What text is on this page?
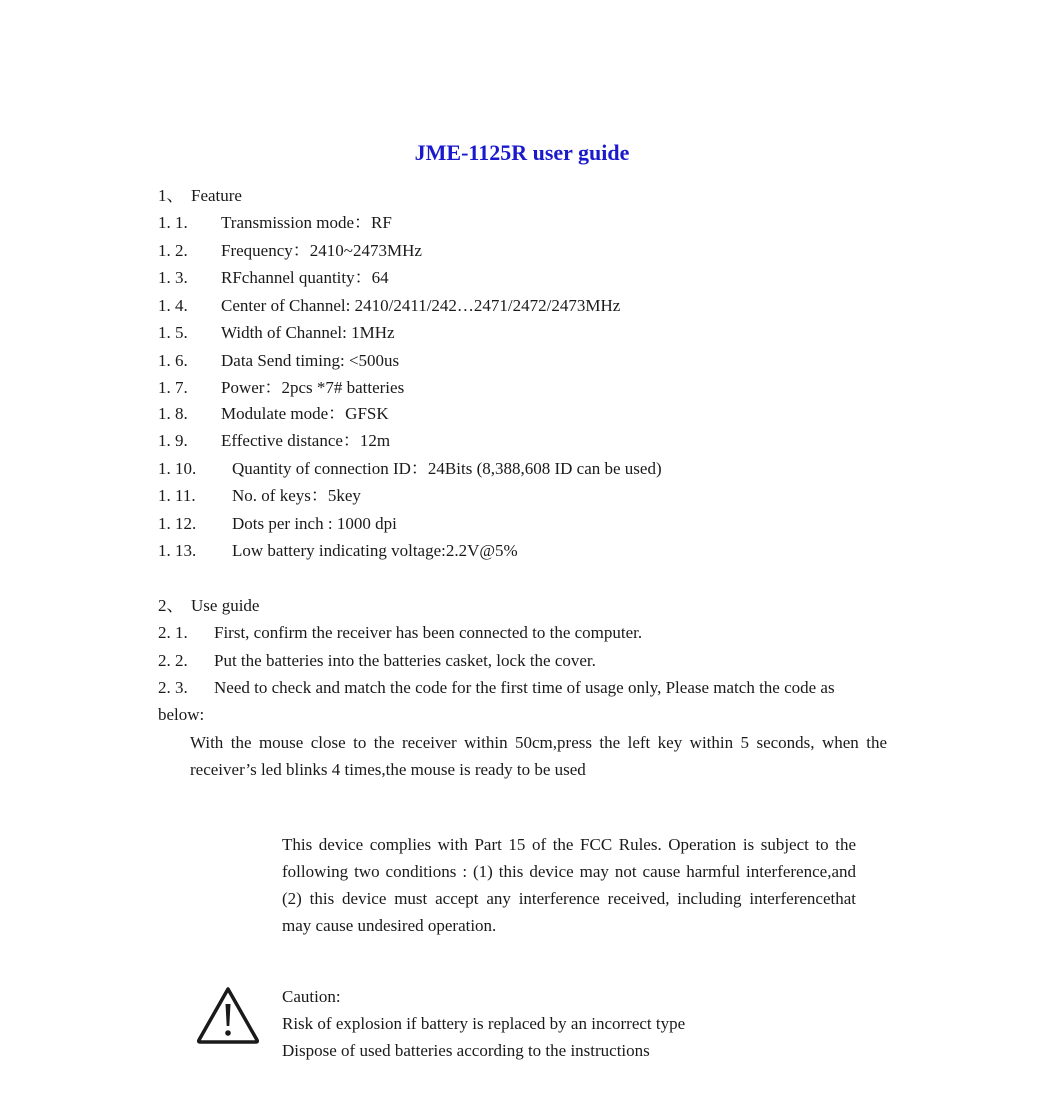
JME-1125R user guide
1、 Feature
1. 1. Transmission mode：RF
1. 2. Frequency：2410~2473MHz
1. 3. RFchannel quantity：64
1. 4. Center of Channel: 2410/2411/242…2471/2472/2473MHz
1. 5. Width of Channel: 1MHz
1. 6. Data Send timing: <500us
1. 7. Power：2pcs *7# batteries
1. 8. Modulate mode：GFSK
1. 9. Effective distance：12m
1. 10. Quantity of connection ID：24Bits (8,388,608 ID can be used)
1. 11. No. of keys：5key
1. 12. Dots per inch : 1000 dpi
1. 13. Low battery indicating voltage:2.2V@5%
2、 Use guide
2. 1. First, confirm the receiver has been connected to the computer.
2. 2. Put the batteries into the batteries casket, lock the cover.
2. 3. Need to check and match the code for the first time of usage only, Please match the code as
below:
With the mouse close to the receiver within 50cm,press the left key within 5 seconds, when the receiver’s led blinks 4 times,the mouse is ready to be used
This device complies with Part 15 of the FCC Rules. Operation is subject to the following two conditions : (1) this device may not cause harmful interference,and (2) this device must accept any interference received, including interferencethat may cause undesired operation.
Caution:
Risk of explosion if battery is replaced by an incorrect type
Dispose of used batteries according to the instructions
